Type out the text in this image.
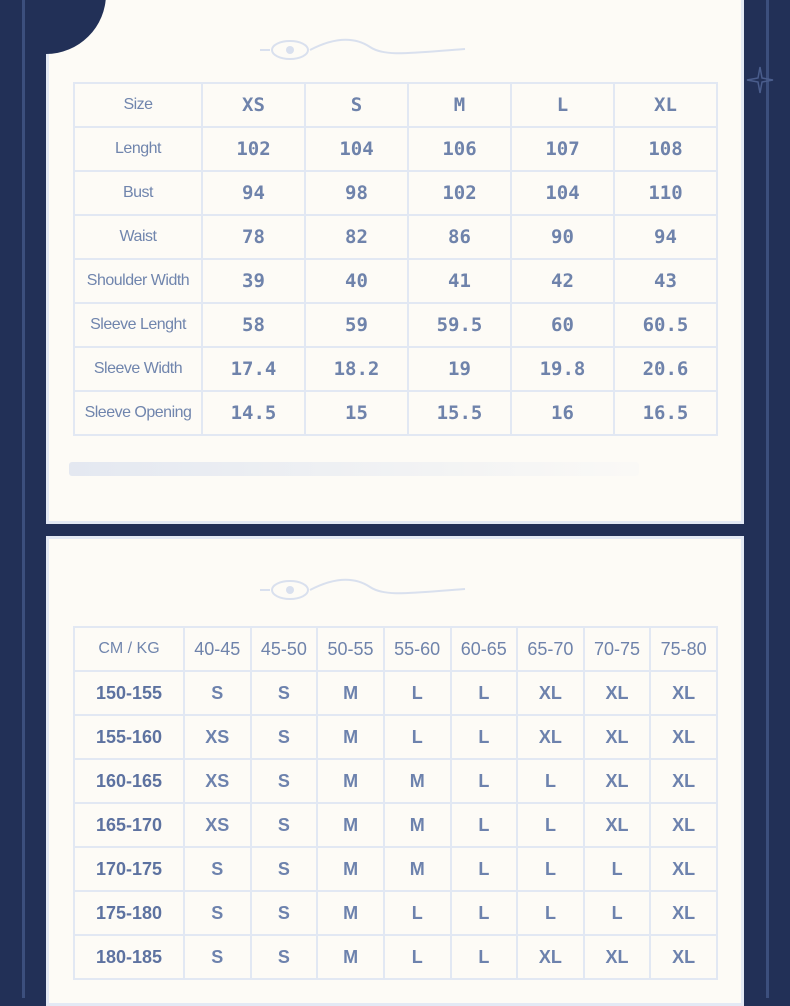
Size	XS	S	M	L	XL
Lenght	102	104	106	107	108
Bust	94	98	102	104	110
Waist	78	82	86	90	94
Shoulder Width	39	40	41	42	43
Sleeve Lenght	58	59	59.5	60	60.5
Sleeve Width	17.4	18.2	19	19.8	20.6
Sleeve Opening	14.5	15	15.5	16	16.5
CM / KG	40-45	45-50	50-55	55-60	60-65	65-70	70-75	75-80
150-155	S	S	M	L	L	XL	XL	XL
155-160	XS	S	M	L	L	XL	XL	XL
160-165	XS	S	M	M	L	L	XL	XL
165-170	XS	S	M	M	L	L	XL	XL
170-175	S	S	M	M	L	L	L	XL
175-180	S	S	M	L	L	L	L	XL
180-185	S	S	M	L	L	XL	XL	XL
